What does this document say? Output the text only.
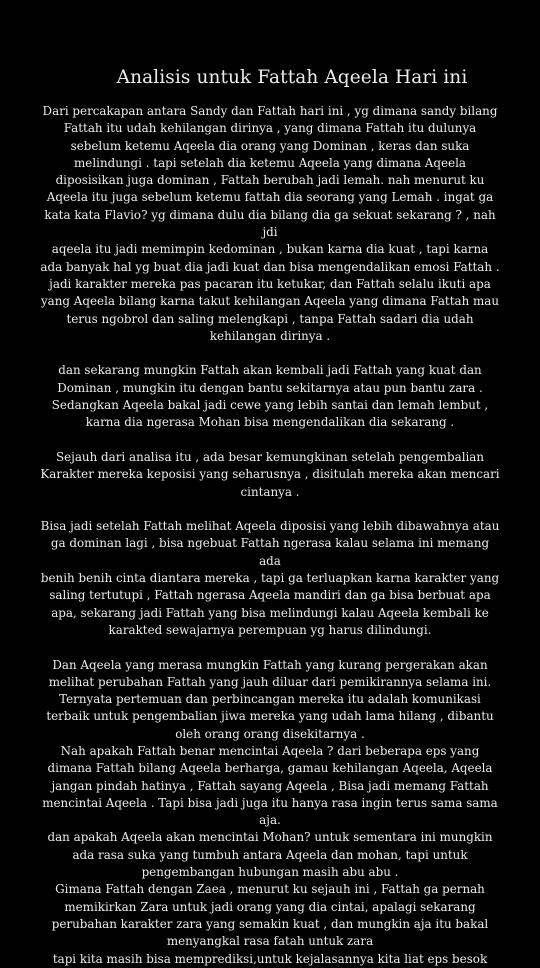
Analisis untuk Fattah Aqeela Hari ini

Dari percakapan antara Sandy dan Fattah hari ini , yg dimana sandy bilang
Fattah itu udah kehilangan dirinya , yang dimana Fattah itu dulunya
sebelum ketemu Aqeela dia orang yang Dominan , keras dan suka
melindungi . tapi setelah dia ketemu Aqeela yang dimana Aqeela
diposisikan juga dominan , Fattah berubah jadi lemah. nah menurut ku
Aqeela itu juga sebelum ketemu fattah dia seorang yang Lemah . ingat ga
kata kata Flavio? yg dimana dulu dia bilang dia ga sekuat sekarang ? , nah jdi
aqeela itu jadi memimpin kedominan , bukan karna dia kuat , tapi karna
ada banyak hal yg buat dia jadi kuat dan bisa mengendalikan emosi Fattah .
jadi karakter mereka pas pacaran itu ketukar, dan Fattah selalu ikuti apa
yang Aqeela bilang karna takut kehilangan Aqeela yang dimana Fattah mau
terus ngobrol dan saling melengkapi , tanpa Fattah sadari dia udah
kehilangan dirinya .

dan sekarang mungkin Fattah akan kembali jadi Fattah yang kuat dan
Dominan , mungkin itu dengan bantu sekitarnya atau pun bantu zara .
Sedangkan Aqeela bakal jadi cewe yang lebih santai dan lemah lembut ,
karna dia ngerasa Mohan bisa mengendalikan dia sekarang .

Sejauh dari analisa itu , ada besar kemungkinan setelah pengembalian
Karakter mereka keposisi yang seharusnya , disitulah mereka akan mencari
cintanya .

Bisa jadi setelah Fattah melihat Aqeela diposisi yang lebih dibawahnya atau
ga dominan lagi , bisa ngebuat Fattah ngerasa kalau selama ini memang ada
benih benih cinta diantara mereka , tapi ga terluapkan karna karakter yang
saling tertutupi , Fattah ngerasa Aqeela mandiri dan ga bisa berbuat apa
apa, sekarang jadi Fattah yang bisa melindungi kalau Aqeela kembali ke
karakted sewajarnya perempuan yg harus dilindungi.

Dan Aqeela yang merasa mungkin Fattah yang kurang pergerakan akan
melihat perubahan Fattah yang jauh diluar dari pemikirannya selama ini.
Ternyata pertemuan dan perbincangan mereka itu adalah komunikasi
terbaik untuk pengembalian jiwa mereka yang udah lama hilang , dibantu
oleh orang orang disekitarnya .
Nah apakah Fattah benar mencintai Aqeela ? dari beberapa eps yang
dimana Fattah bilang Aqeela berharga, gamau kehilangan Aqeela, Aqeela
jangan pindah hatinya , Fattah sayang Aqeela , Bisa jadi memang Fattah
mencintai Aqeela . Tapi bisa jadi juga itu hanya rasa ingin terus sama sama
aja.
dan apakah Aqeela akan mencintai Mohan? untuk sementara ini mungkin
ada rasa suka yang tumbuh antara Aqeela dan mohan, tapi untuk
pengembangan hubungan masih abu abu .
Gimana Fattah dengan Zaea , menurut ku sejauh ini , Fattah ga pernah
memikirkan Zara untuk jadi orang yang dia cintai, apalagi sekarang
perubahan karakter zara yang semakin kuat , dan mungkin aja itu bakal
menyangkal rasa fatah untuk zara
tapi kita masih bisa memprediksi,untuk kejalasannya kita liat eps besok
